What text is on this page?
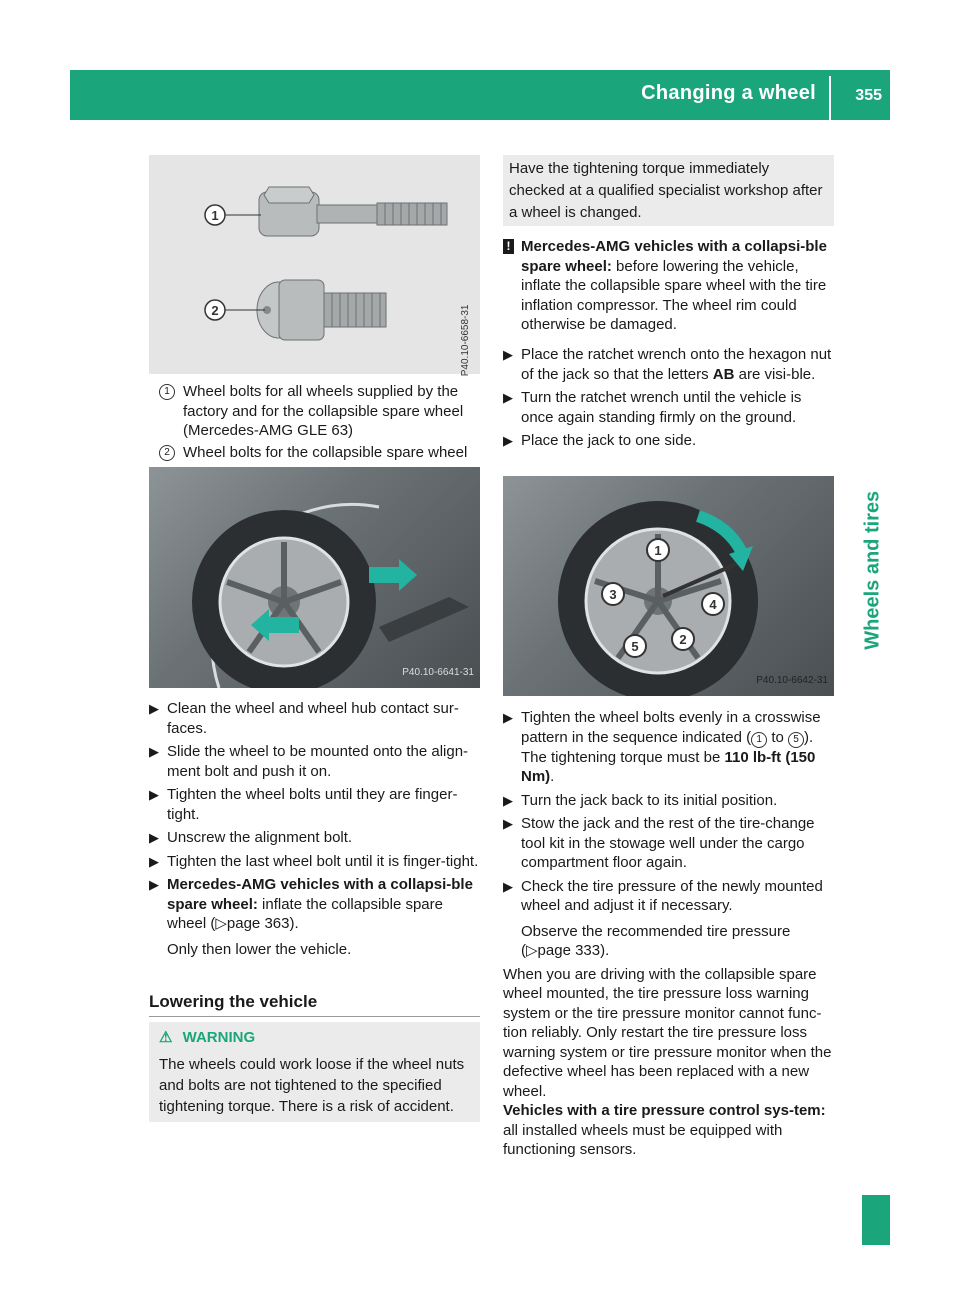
Changing a wheel 355
Wheels and tires
1
2	P40.10-6658-31
1 Wheel bolts for all wheels supplied by the factory and for the collapsible spare wheel (Mercedes-AMG GLE 63)
2 Wheel bolts for the collapsible spare wheel
P40.10-6641-31
▶ Clean the wheel and wheel hub contact sur-faces.
▶ Slide the wheel to be mounted onto the align-ment bolt and push it on.
▶ Tighten the wheel bolts until they are finger-tight.
▶ Unscrew the alignment bolt.
▶ Tighten the last wheel bolt until it is finger-tight.
▶ Mercedes-AMG vehicles with a collapsi-ble spare wheel: inflate the collapsible spare wheel (▷page 363).
Only then lower the vehicle.
Lowering the vehicle
⚠ WARNING
The wheels could work loose if the wheel nuts and bolts are not tightened to the specified tightening torque. There is a risk of accident.
Have the tightening torque immediately checked at a qualified specialist workshop after a wheel is changed.
! Mercedes-AMG vehicles with a collapsi-ble spare wheel: before lowering the vehicle, inflate the collapsible spare wheel with the tire inflation compressor. The wheel rim could otherwise be damaged.
▶ Place the ratchet wrench onto the hexagon nut of the jack so that the letters AB are visi-ble.
▶ Turn the ratchet wrench until the vehicle is once again standing firmly on the ground.
▶ Place the jack to one side.
1
2
3
4
5
P40.10-6642-31
▶ Tighten the wheel bolts evenly in a crosswise pattern in the sequence indicated ( 1 to 5 ). The tightening torque must be 110 lb-ft (150 Nm).
▶ Turn the jack back to its initial position.
▶ Stow the jack and the rest of the tire-change tool kit in the stowage well under the cargo compartment floor again.
▶ Check the tire pressure of the newly mounted wheel and adjust it if necessary.
Observe the recommended tire pressure (▷page 333).
When you are driving with the collapsible spare wheel mounted, the tire pressure loss warning system or the tire pressure monitor cannot func-tion reliably. Only restart the tire pressure loss warning system or tire pressure monitor when the defective wheel has been replaced with a new wheel.
Vehicles with a tire pressure control sys-tem: all installed wheels must be equipped with functioning sensors.
